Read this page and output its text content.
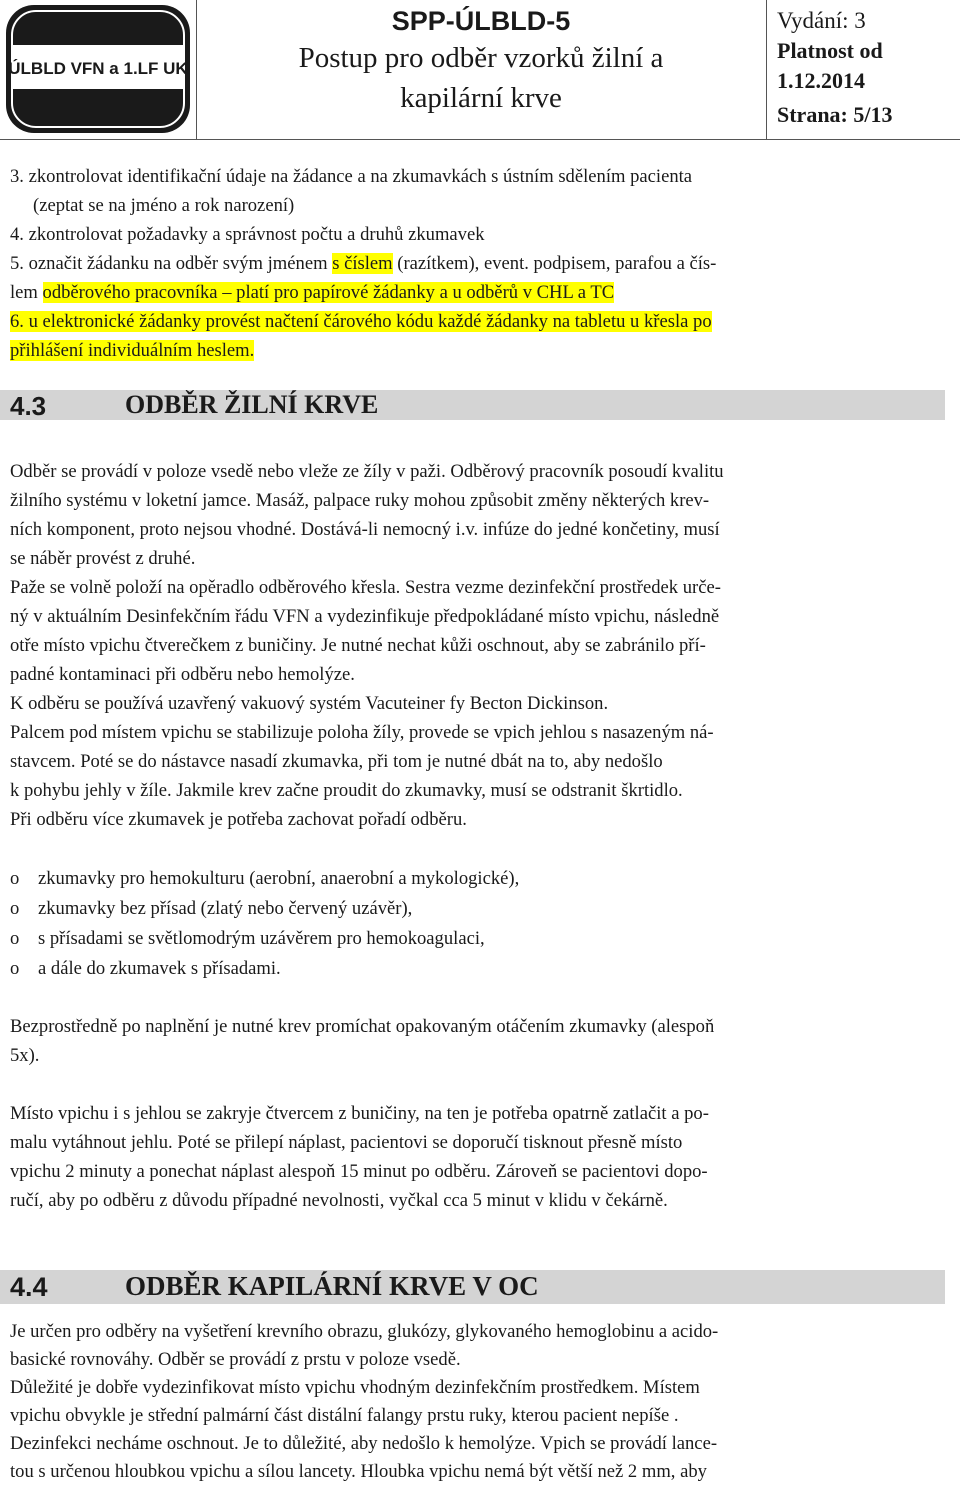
ÚLBLD VFN a 1.LF UK
SPP-ÚLBLD-5
Postup pro odběr vzorků žilní a
kapilární krve
Vydání: 3
Platnost od
1.12.2014
Strana: 5/13
3. zkontrolovat identifikační údaje na žádance a na zkumavkách s ústním sdělením pacienta
(zeptat se na jméno a rok narození)
4. zkontrolovat požadavky a správnost počtu a druhů zkumavek
5. označit žádanku na odběr svým jménem s číslem (razítkem), event. podpisem, parafou a čís-
lem odběrového pracovníka – platí pro papírové žádanky a u odběrů v CHL a TC
6. u elektronické žádanky provést načtení čárového kódu každé žádanky na tabletu u křesla po
přihlášení individuálním heslem.
4.3	ODBĚR ŽILNÍ KRVE
Odběr se provádí v poloze vsedě nebo vleže ze žíly v paži. Odběrový pracovník posoudí kvalitu
žilního systému v loketní jamce. Masáž, palpace ruky mohou způsobit změny některých krev-
ních komponent, proto nejsou vhodné. Dostává-li nemocný i.v. infúze do jedné končetiny, musí
se náběr provést z druhé.
Paže se volně položí na opěradlo odběrového křesla. Sestra vezme dezinfekční prostředek urče-
ný v aktuálním Desinfekčním řádu VFN a vydezinfikuje předpokládané místo vpichu, následně
otře místo vpichu čtverečkem z buničiny. Je nutné nechat kůži oschnout, aby se zabránilo pří-
padné kontaminaci při odběru nebo hemolýze.
K odběru se používá uzavřený vakuový systém Vacuteiner fy Becton Dickinson.
Palcem pod místem vpichu se stabilizuje poloha žíly, provede se vpich jehlou s nasazeným ná-
stavcem. Poté se do nástavce nasadí zkumavka, při tom je nutné dbát na to, aby nedošlo
k pohybu jehly v žíle. Jakmile krev začne proudit do zkumavky, musí se odstranit škrtidlo.
Při odběru více zkumavek je potřeba zachovat pořadí odběru.
o zkumavky pro hemokulturu (aerobní, anaerobní a mykologické),
o zkumavky bez přísad (zlatý nebo červený uzávěr),
o s přísadami se světlomodrým uzávěrem pro hemokoagulaci,
o a dále do zkumavek s přísadami.
Bezprostředně po naplnění je nutné krev promíchat opakovaným otáčením zkumavky (alespoň
5x).
Místo vpichu i s jehlou se zakryje čtvercem z buničiny, na ten je potřeba opatrně zatlačit a po-
malu vytáhnout jehlu. Poté se přilepí náplast, pacientovi se doporučí tisknout přesně místo
vpichu 2 minuty a ponechat náplast alespoň 15 minut po odběru. Zároveň se pacientovi dopo-
ručí, aby po odběru z důvodu případné nevolnosti, vyčkal cca 5 minut v klidu v čekárně.
4.4	ODBĚR KAPILÁRNÍ KRVE V OC
Je určen pro odběry na vyšetření krevního obrazu, glukózy, glykovaného hemoglobinu a acido-
basické rovnováhy. Odběr se provádí z prstu v poloze vsedě.
Důležité je dobře vydezinfikovat místo vpichu vhodným dezinfekčním prostředkem. Místem
vpichu obvykle je střední palmární část distální falangy prstu ruky, kterou pacient nepíše .
Dezinfekci necháme oschnout. Je to důležité, aby nedošlo k hemolýze. Vpich se provádí lance-
tou s určenou hloubkou vpichu a sílou lancety. Hloubka vpichu nemá být větší než 2 mm, aby
